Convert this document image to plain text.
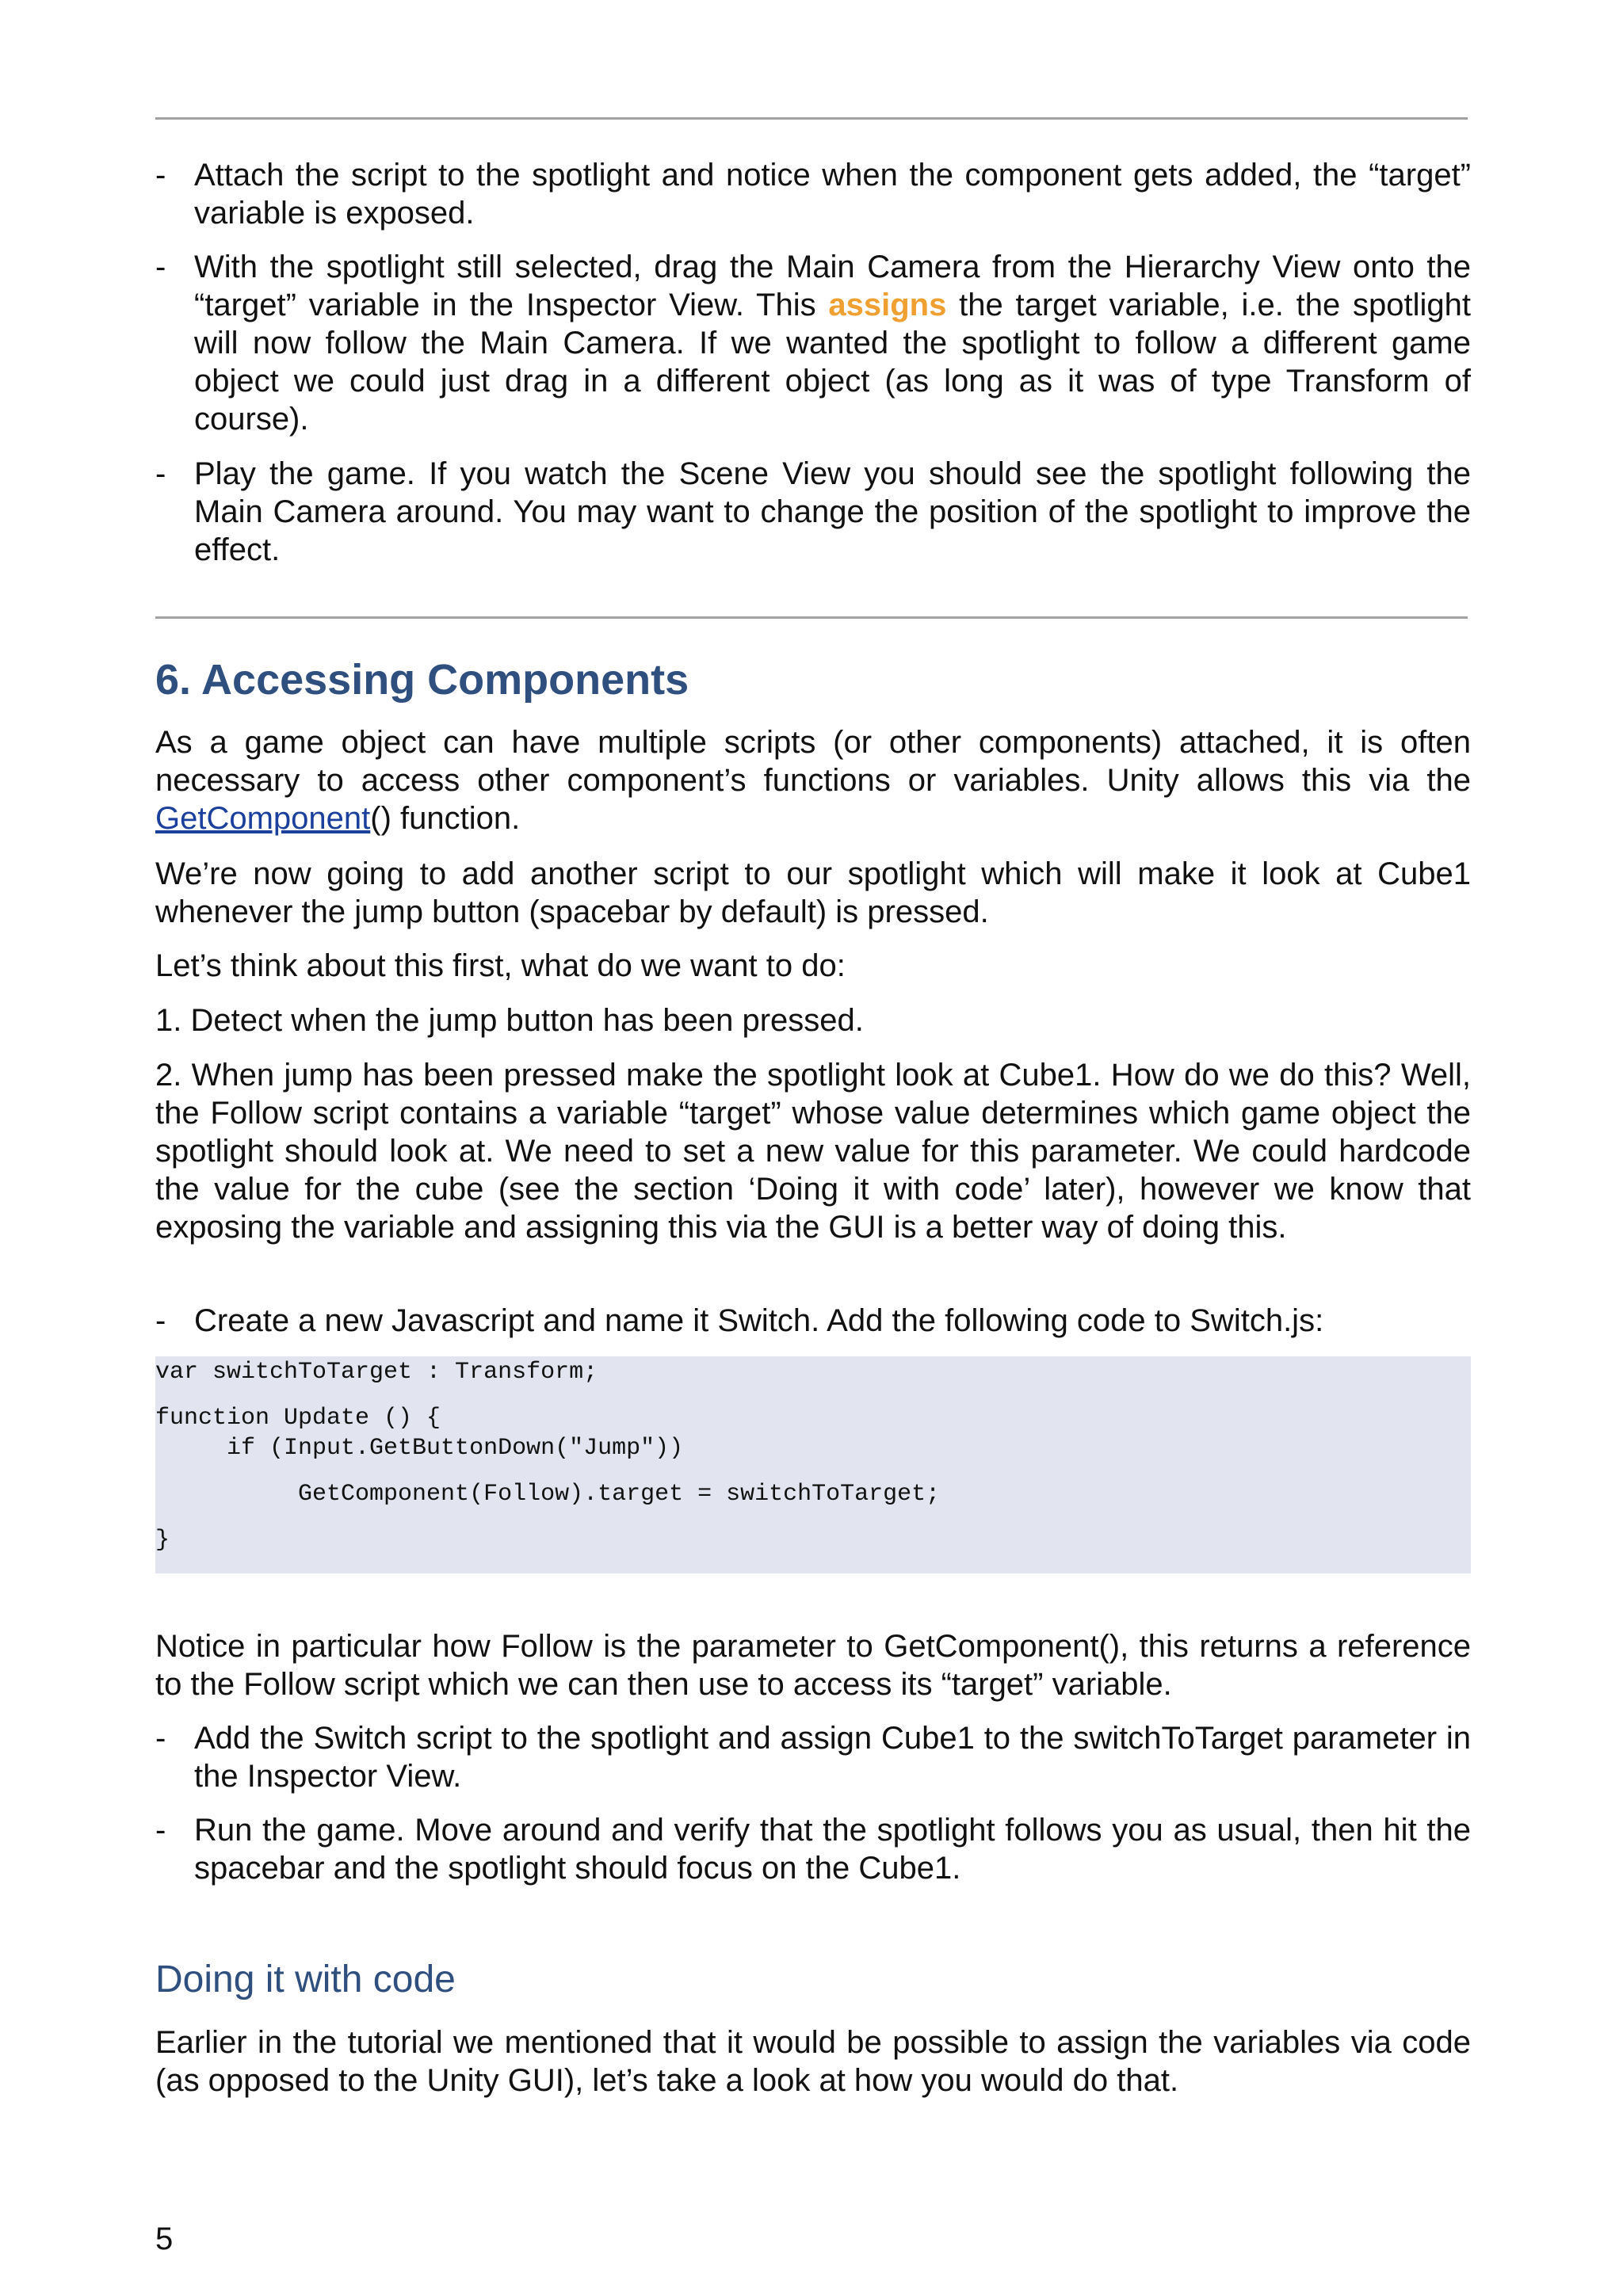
- Attach the script to the spotlight and notice when the component gets added, the “target” variable is exposed.
- With the spotlight still selected, drag the Main Camera from the Hierarchy View onto the “target” variable in the Inspector View. This assigns the target variable, i.e. the spotlight will now follow the Main Camera. If we wanted the spotlight to follow a different game object we could just drag in a different object (as long as it was of type Transform of course).
- Play the game. If you watch the Scene View you should see the spotlight following the Main Camera around. You may want to change the position of the spotlight to improve the effect.
6. Accessing Components
As a game object can have multiple scripts (or other components) attached, it is often necessary to access other component’s functions or variables. Unity allows this via the GetComponent() function.
We’re now going to add another script to our spotlight which will make it look at Cube1 whenever the jump button (spacebar by default) is pressed.
Let’s think about this first, what do we want to do:
1. Detect when the jump button has been pressed.
2. When jump has been pressed make the spotlight look at Cube1. How do we do this? Well, the Follow script contains a variable “target” whose value determines which game object the spotlight should look at. We need to set a new value for this parameter. We could hardcode the value for the cube (see the section ‘Doing it with code’ later), however we know that exposing the variable and assigning this via the GUI is a better way of doing this.
- Create a new Javascript and name it Switch. Add the following code to Switch.js:
var switchToTarget : Transform;
function Update () {
if (Input.GetButtonDown("Jump"))
GetComponent(Follow).target = switchToTarget;
}
Notice in particular how Follow is the parameter to GetComponent(), this returns a reference to the Follow script which we can then use to access its “target” variable.
- Add the Switch script to the spotlight and assign Cube1 to the switchToTarget parameter in the Inspector View.
- Run the game. Move around and verify that the spotlight follows you as usual, then hit the spacebar and the spotlight should focus on the Cube1.
Doing it with code
Earlier in the tutorial we mentioned that it would be possible to assign the variables via code (as opposed to the Unity GUI), let’s take a look at how you would do that.
5
